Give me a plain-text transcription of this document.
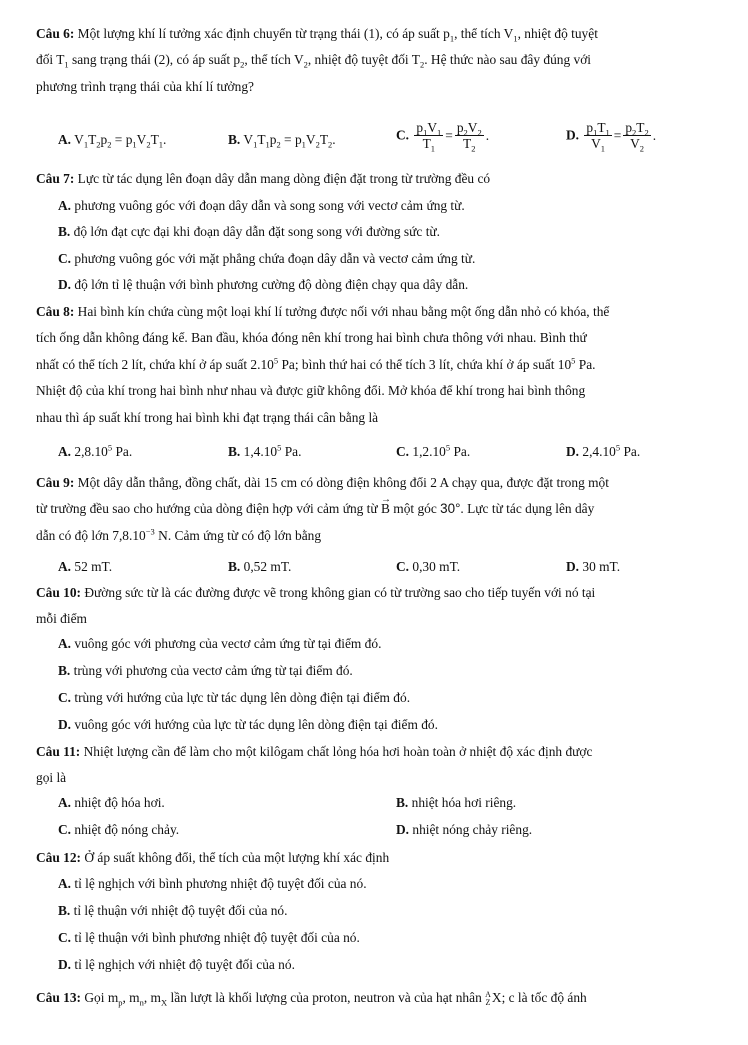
Câu 6: Một lượng khí lí tưởng xác định chuyển từ trạng thái (1), có áp suất $p_1$, thể tích $V_1$, nhiệt độ tuyệt
đối $T_1$ sang trạng thái (2), có áp suất $p_2$, thể tích $V_2$, nhiệt độ tuyệt đối $T_2$. Hệ thức nào sau đây đúng với
phương trình trạng thái của khí lí tưởng?
A. $V_1T_2p_2 = p_1V_2T_1$.	B. $V_1T_1p_2 = p_1V_2T_2$.	C. $\frac{p_1V_1}{T_1} = \frac{p_2V_2}{T_2}$ .	D. $\frac{p_1T_1}{V_1} = \frac{p_2T_2}{V_2}$ .
Câu 7: Lực từ tác dụng lên đoạn dây dẫn mang dòng điện đặt trong từ trường đều có
A. phương vuông góc với đoạn dây dẫn và song song với vectơ cảm ứng từ.
B. độ lớn đạt cực đại khi đoạn dây dẫn đặt song song với đường sức từ.
C. phương vuông góc với mặt phẳng chứa đoạn dây dẫn và vectơ cảm ứng từ.
D. độ lớn tỉ lệ thuận với bình phương cường độ dòng điện chạy qua dây dẫn.
Câu 8: Hai bình kín chứa cùng một loại khí lí tưởng được nối với nhau bằng một ống dẫn nhỏ có khóa, thể
tích ống dẫn không đáng kể. Ban đầu, khóa đóng nên khí trong hai bình chưa thông với nhau. Bình thứ
nhất có thể tích 2 lít, chứa khí ở áp suất 2.10$^5$ Pa; bình thứ hai có thể tích 3 lít, chứa khí ở áp suất $10^5$ Pa.
Nhiệt độ của khí trong hai bình như nhau và được giữ không đổi. Mở khóa để khí trong hai bình thông
nhau thì áp suất khí trong hai bình khi đạt trạng thái cân bằng là
A. 2,8.10$^5$ Pa.	B. 1,4.10$^5$ Pa.	C. 1,2.10$^5$ Pa.	D. 2,4.10$^5$ Pa.
Câu 9: Một dây dẫn thẳng, đồng chất, dài 15 cm có dòng điện không đổi 2 A chạy qua, được đặt trong một
từ trường đều sao cho hướng của dòng điện hợp với cảm ứng từ → B một góc 30°. Lực từ tác dụng lên dây
dẫn có độ lớn $7,8.10^{-3}$ N. Cảm ứng từ có độ lớn bằng
A. 52 mT.	B. 0,52 mT.	C. 0,30 mT.	D. 30 mT.
Câu 10: Đường sức từ là các đường được vẽ trong không gian có từ trường sao cho tiếp tuyến với nó tại
mỗi điểm
A. vuông góc với phương của vectơ cảm ứng từ tại điểm đó.
B. trùng với phương của vectơ cảm ứng từ tại điểm đó.
C. trùng với hướng của lực từ tác dụng lên dòng điện tại điểm đó.
D. vuông góc với hướng của lực từ tác dụng lên dòng điện tại điểm đó.
Câu 11: Nhiệt lượng cần để làm cho một kilôgam chất lỏng hóa hơi hoàn toàn ở nhiệt độ xác định được
gọi là
A. nhiệt độ hóa hơi.	B. nhiệt hóa hơi riêng.
C. nhiệt độ nóng chảy.	D. nhiệt nóng chảy riêng.
Câu 12: Ở áp suất không đổi, thể tích của một lượng khí xác định
A. tỉ lệ nghịch với bình phương nhiệt độ tuyệt đối của nó.
B. tỉ lệ thuận với nhiệt độ tuyệt đối của nó.
C. tỉ lệ thuận với bình phương nhiệt độ tuyệt đối của nó.
D. tỉ lệ nghịch với nhiệt độ tuyệt đối của nó.
Câu 13: Gọi $m_p$, $m_n$, $m_X$ lần lượt là khối lượng của proton, neutron và của hạt nhân A
ZX; c là tốc độ ánh
